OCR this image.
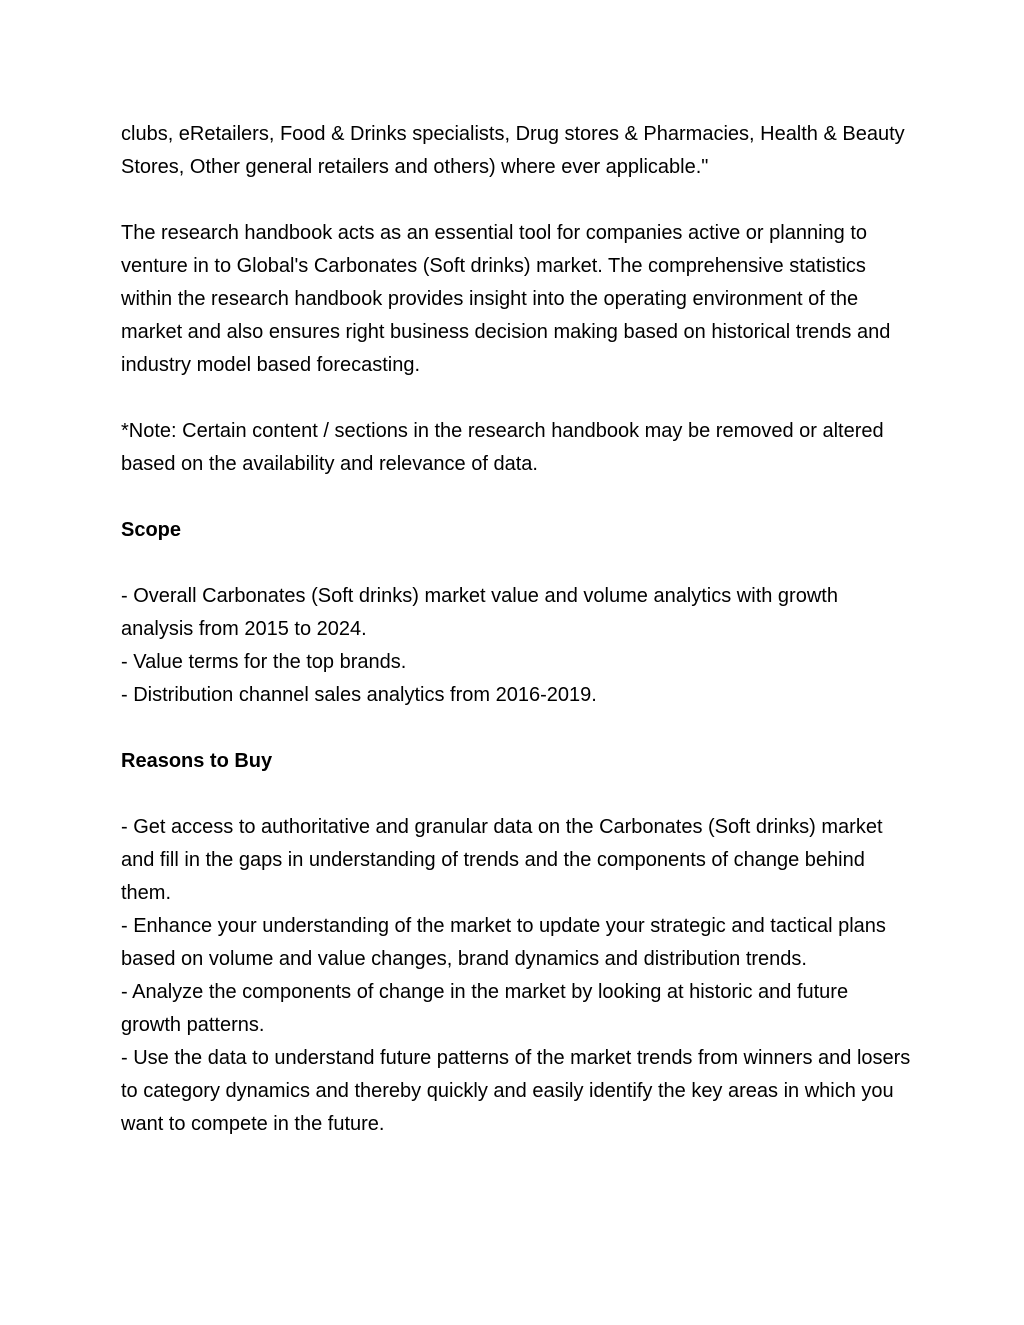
clubs, eRetailers, Food & Drinks specialists, Drug stores & Pharmacies, Health & Beauty Stores, Other general retailers and others) where ever applicable."

The research handbook acts as an essential tool for companies active or planning to venture in to Global's Carbonates (Soft drinks) market. The comprehensive statistics within the research handbook provides insight into the operating environment of the market and also ensures right business decision making based on historical trends and industry model based forecasting.

*Note: Certain content / sections in the research handbook may be removed or altered based on the availability and relevance of data.

Scope
- Overall Carbonates (Soft drinks) market value and volume analytics with growth analysis from 2015 to 2024.
- Value terms for the top brands.
- Distribution channel sales analytics from 2016-2019.
Reasons to Buy
- Get access to authoritative and granular data on the Carbonates (Soft drinks) market and fill in the gaps in understanding of trends and the components of change behind them.
- Enhance your understanding of the market to update your strategic and tactical plans based on volume and value changes, brand dynamics and distribution trends.
- Analyze the components of change in the market by looking at historic and future growth patterns.
- Use the data to understand future patterns of the market trends from winners and losers to category dynamics and thereby quickly and easily identify the key areas in which you want to compete in the future.
